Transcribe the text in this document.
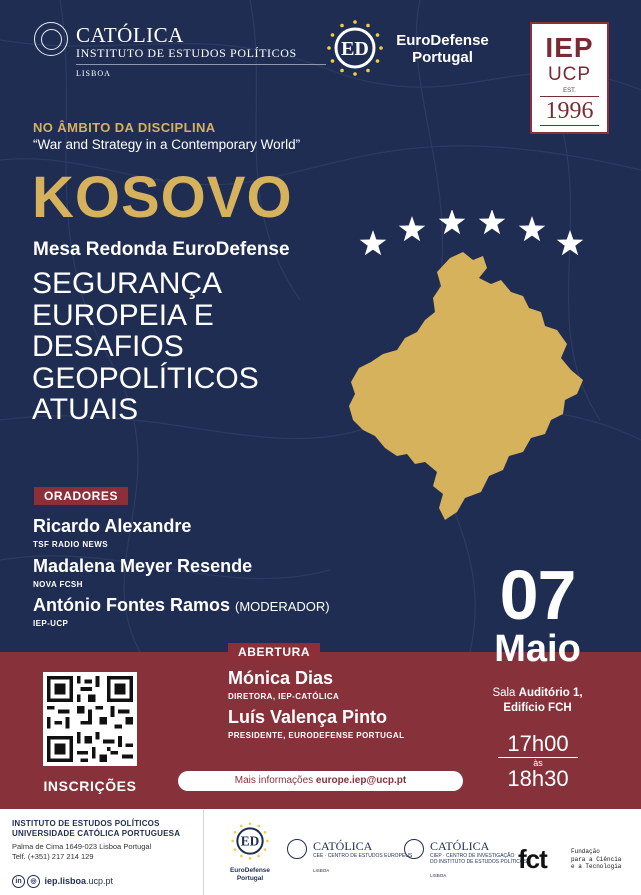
CATÓLICA
INSTITUTO DE ESTUDOS POLÍTICOS
LISBOA
ED	EuroDefense
Portugal	IEP
UCP
EST.
1996
NO ÂMBITO DA DISCIPLINA
“War and Strategy in a Contemporary World”
KOSOVO
Mesa Redonda EuroDefense
SEGURANÇA EUROPEIA E DESAFIOS GEOPOLÍTICOS ATUAIS
ORADORES
Ricardo Alexandre
TSF RADIO NEWS
Madalena Meyer Resende
NOVA FCSH
António Fontes Ramos (MODERADOR)
IEP-UCP	07
Maio
Sala Auditório 1,
Edifício FCH
17h00
às
18h30
INSCRIÇÕES
ABERTURA
Mónica Dias
DIRETORA, IEP-CATÓLICA
Luís Valença Pinto
PRESIDENTE, EURODEFENSE PORTUGAL
Mais informações europe.iep@ucp.pt
INSTITUTO DE ESTUDOS POLÍTICOS
UNIVERSIDADE CATÓLICA PORTUGUESA
Palma de Cima 1649-023 Lisboa Portugal
Telf. (+351) 217 214 129
in ◎ iep.lisboa.ucp.pt
ED
EuroDefense
Portugal
CATÓLICA
CEE · CENTRO DE ESTUDOS EUROPEUS
LISBOA
CATÓLICA
CIEP · CENTRO DE INVESTIGAÇÃO
DO INSTITUTO DE ESTUDOS POLÍTICOS
LISBOA
fct	Fundação
para a Ciência
e a Tecnologia
